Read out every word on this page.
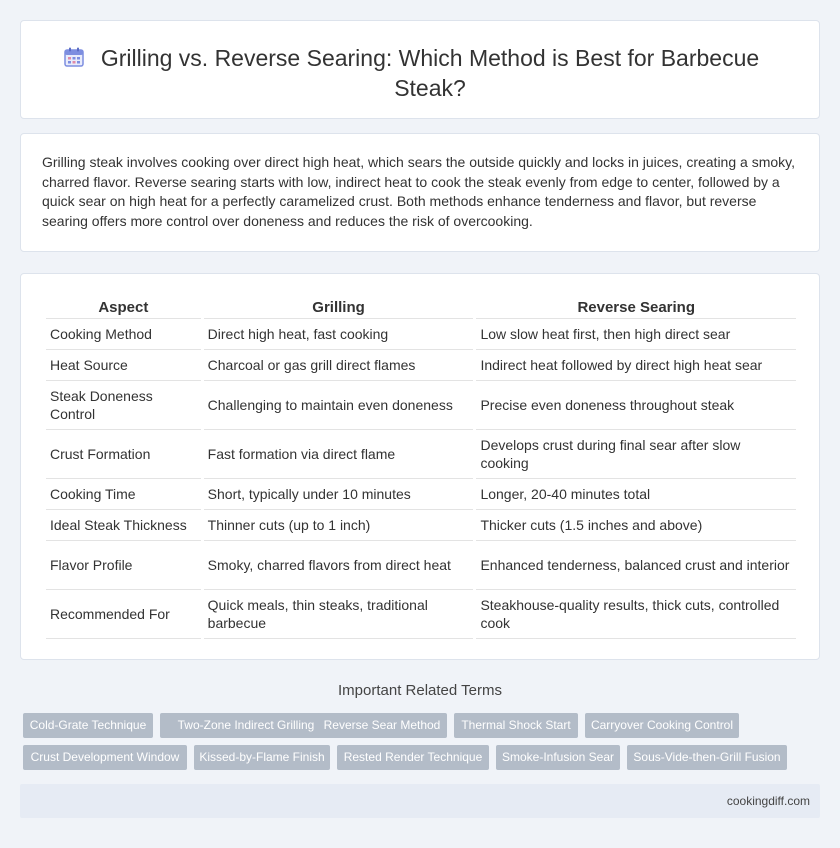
Grilling vs. Reverse Searing: Which Method is Best for Barbecue Steak?

Grilling steak involves cooking over direct high heat, which sears the outside quickly and locks in juices, creating a smoky, charred flavor. Reverse searing starts with low, indirect heat to cook the steak evenly from edge to center, followed by a quick sear on high heat for a perfectly caramelized crust. Both methods enhance tenderness and flavor, but reverse searing offers more control over doneness and reduces the risk of overcooking.

Aspect	Grilling	Reverse Searing
Cooking Method	Direct high heat, fast cooking	Low slow heat first, then high direct sear
Heat Source	Charcoal or gas grill direct flames	Indirect heat followed by direct high heat sear
Steak Doneness Control	Challenging to maintain even doneness	Precise even doneness throughout steak
Crust Formation	Fast formation via direct flame	Develops crust during final sear after slow cooking
Cooking Time	Short, typically under 10 minutes	Longer, 20-40 minutes total
Ideal Steak Thickness	Thinner cuts (up to 1 inch)	Thicker cuts (1.5 inches and above)
Flavor Profile	Smoky, charred flavors from direct heat	Enhanced tenderness, balanced crust and interior
Recommended For	Quick meals, thin steaks, traditional barbecue	Steakhouse-quality results, thick cuts, controlled cook
Important Related Terms
Cold-Grate Technique	Two-Zone Indirect Grilling Reverse Sear Method	Thermal Shock Start	Carryover Cooking Control
Crust Development Window	Kissed-by-Flame Finish	Rested Render Technique	Smoke-Infusion Sear	Sous-Vide-then-Grill Fusion
cookingdiff.com
